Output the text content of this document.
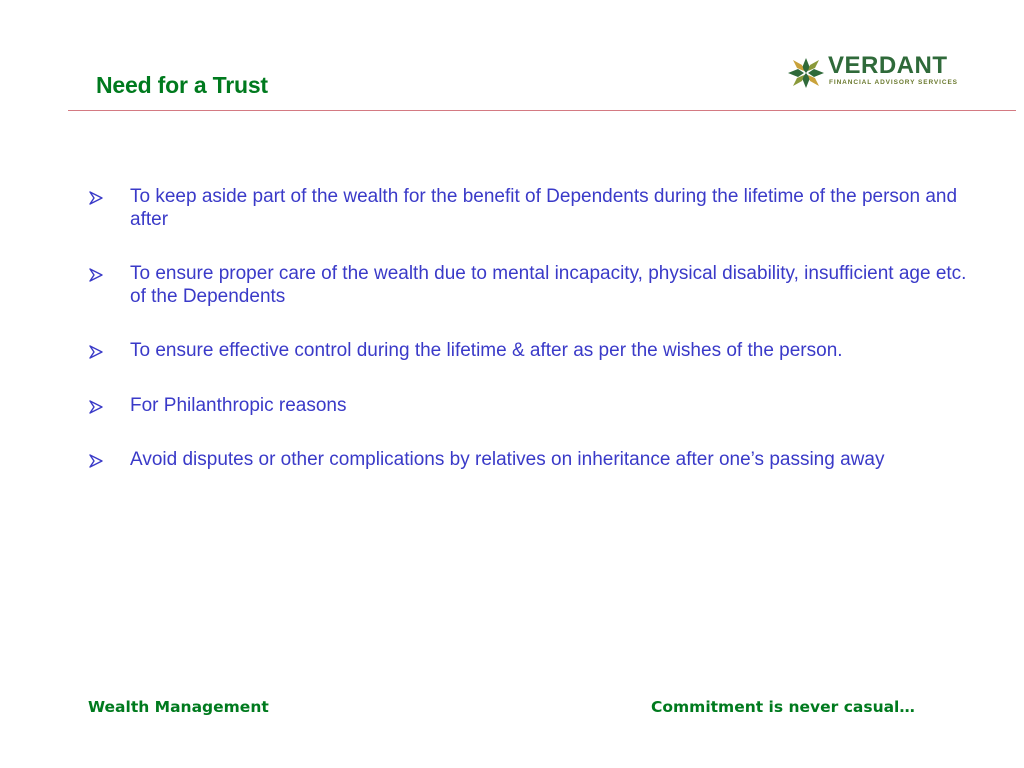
Need for a Trust
VERDANT
FINANCIAL ADVISORY SERVICES
To keep aside part of the wealth for the benefit of Dependents during the lifetime of the person and after
To ensure proper care of the wealth due to mental incapacity, physical disability, insufficient age etc. of the Dependents
To ensure effective control during the lifetime & after as per the wishes of the person.
For Philanthropic reasons
Avoid disputes or other complications by relatives on inheritance after one’s passing away
Wealth Management	Commitment is never casual…
